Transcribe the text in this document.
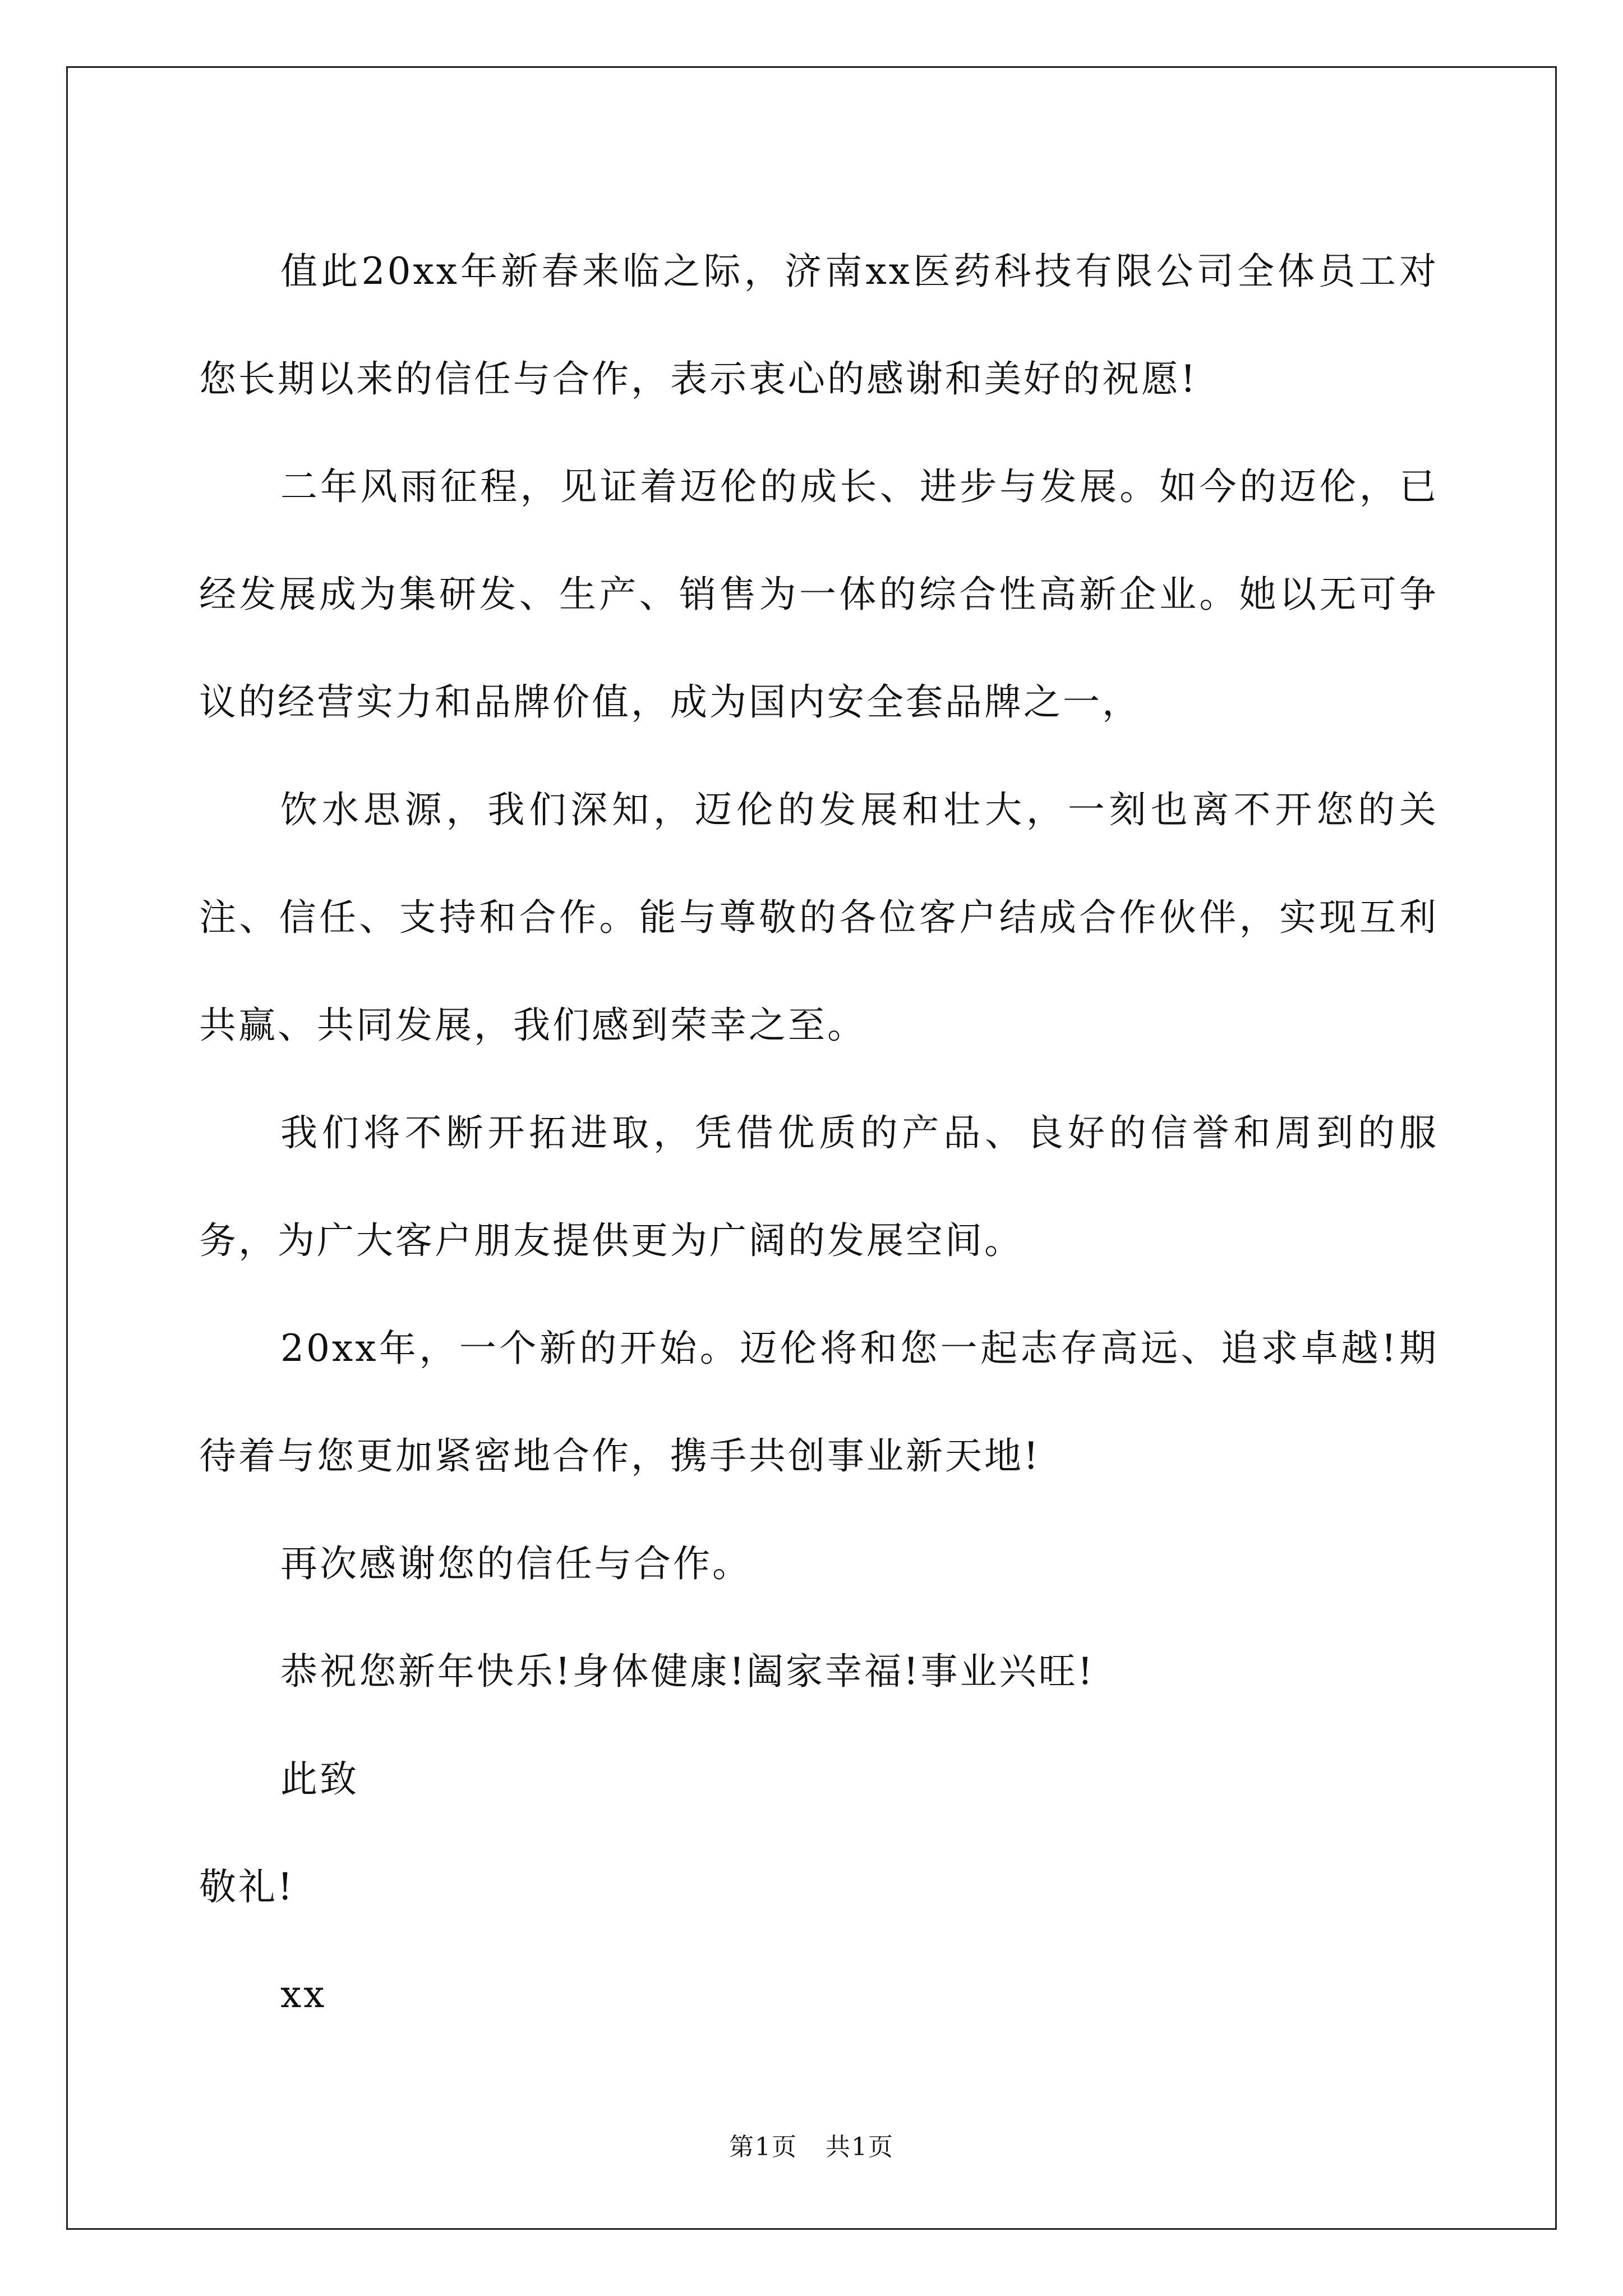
值此20xx年新春来临之际，济南xx医药科技有限公司全体员工对您长期以来的信任与合作，表示衷心的感谢和美好的祝愿!

二年风雨征程，见证着迈伦的成长、进步与发展。如今的迈伦，已经发展成为集研发、生产、销售为一体的综合性高新企业。她以无可争议的经营实力和品牌价值，成为国内安全套品牌之一，

饮水思源，我们深知，迈伦的发展和壮大，一刻也离不开您的关注、信任、支持和合作。能与尊敬的各位客户结成合作伙伴，实现互利共赢、共同发展，我们感到荣幸之至。

我们将不断开拓进取，凭借优质的产品、良好的信誉和周到的服务，为广大客户朋友提供更为广阔的发展空间。

20xx年，一个新的开始。迈伦将和您一起志存高远、追求卓越!期待着与您更加紧密地合作，携手共创事业新天地!

再次感谢您的信任与合作。

恭祝您新年快乐!身体健康!阖家幸福!事业兴旺!

此致

敬礼!

xx

第1页 共1页
